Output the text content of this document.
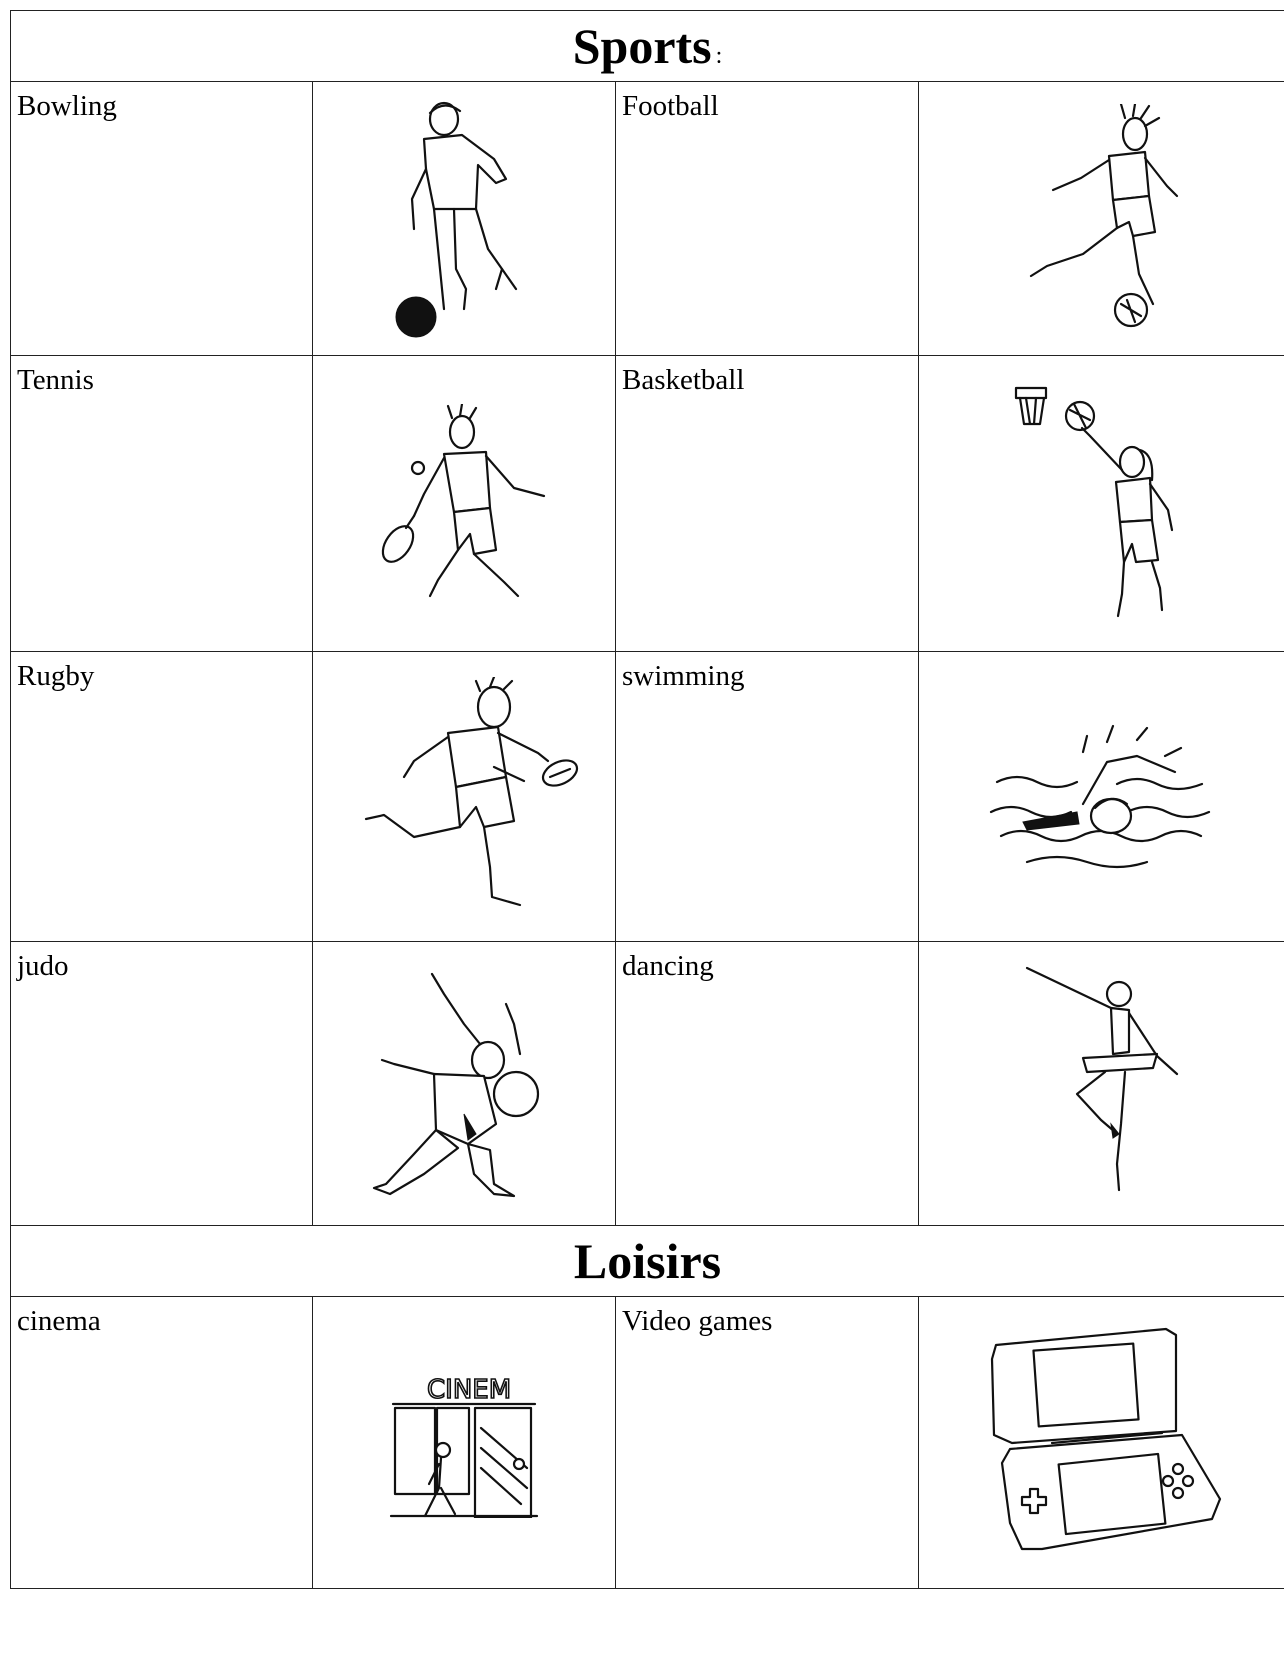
Sports :			

Bowling		Football

Tennis		Basketball

Rugby		swimming

judo		dancing

Loisirs			

cinema	CINEM	Video games
